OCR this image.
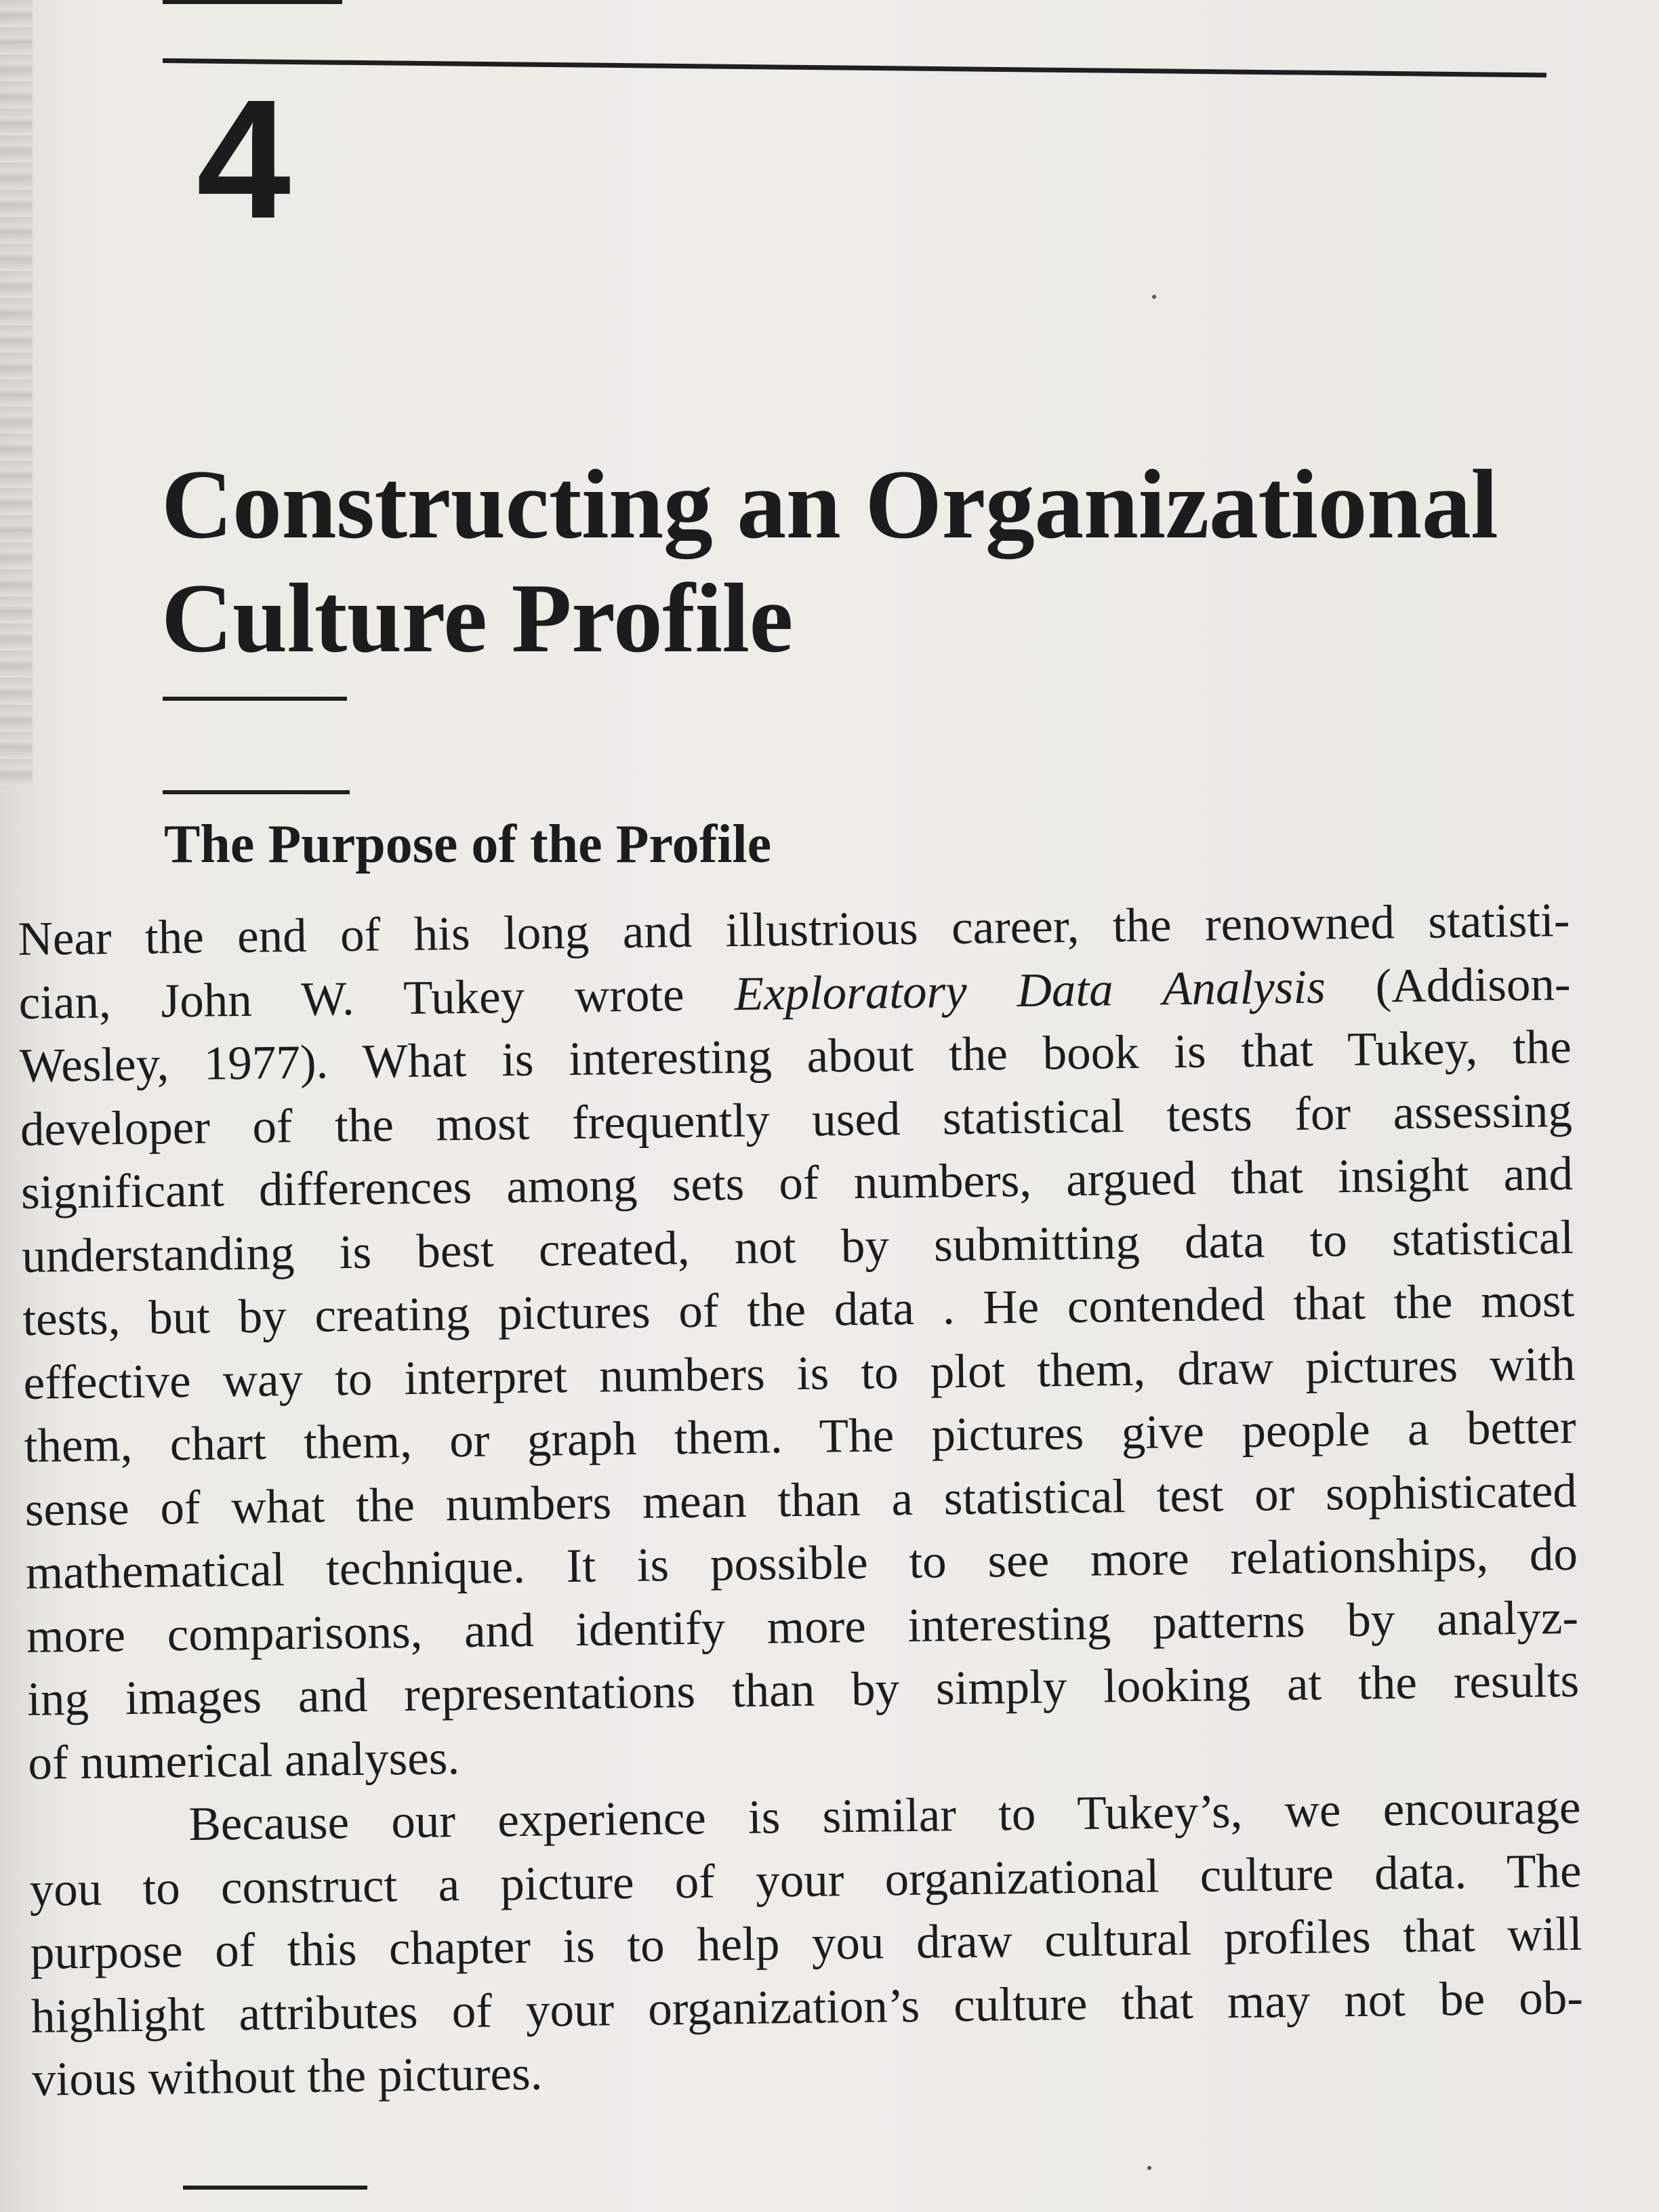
4
Constructing an Organizational Culture Profile
The Purpose of the Profile
Near the end of his long and illustrious career, the renowned statisti-
cian, John W. Tukey wrote Exploratory Data Analysis (Addison-
Wesley, 1977). What is interesting about the book is that Tukey, the
developer of the most frequently used statistical tests for assessing
significant differences among sets of numbers, argued that insight and
understanding is best created, not by submitting data to statistical
tests, but by creating pictures of the data . He contended that the most
effective way to interpret numbers is to plot them, draw pictures with
them, chart them, or graph them. The pictures give people a better
sense of what the numbers mean than a statistical test or sophisticated
mathematical technique. It is possible to see more relationships, do
more comparisons, and identify more interesting patterns by analyz-
ing images and representations than by simply looking at the results
of numerical analyses.
Because our experience is similar to Tukey’s, we encourage
you to construct a picture of your organizational culture data. The
purpose of this chapter is to help you draw cultural profiles that will
highlight attributes of your organization’s culture that may not be ob-
vious without the pictures.
